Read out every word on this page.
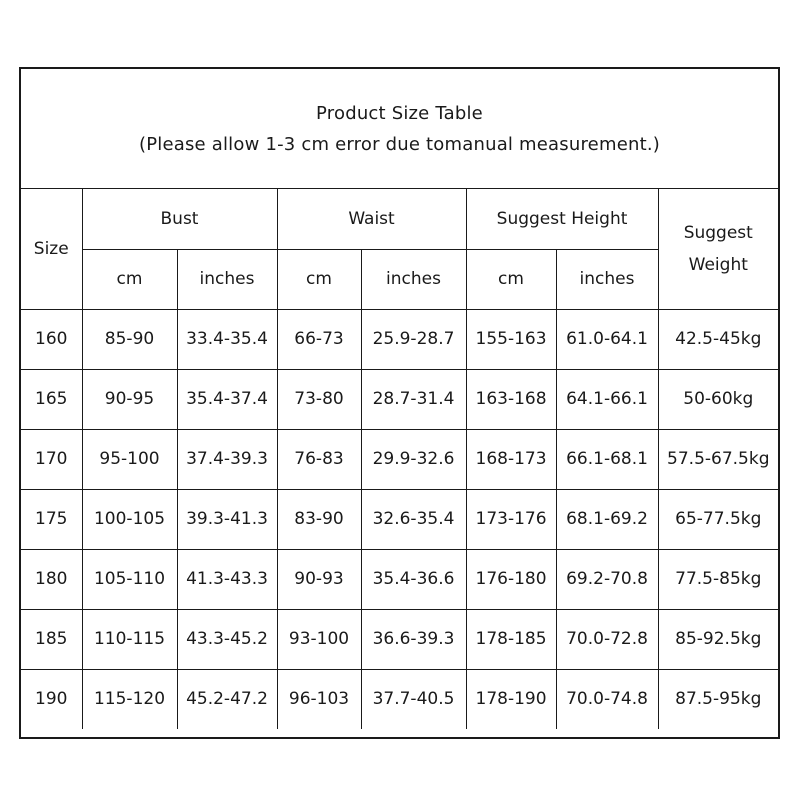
Product Size Table
(Please allow 1-3 cm error due tomanual measurement.)
Size	Bust		Waist		Suggest Height		Suggest Weight
	cm	inches	cm	inches	cm	inches	
160	85-90	33.4-35.4	66-73	25.9-28.7	155-163	61.0-64.1	42.5-45kg
165	90-95	35.4-37.4	73-80	28.7-31.4	163-168	64.1-66.1	50-60kg
170	95-100	37.4-39.3	76-83	29.9-32.6	168-173	66.1-68.1	57.5-67.5kg
175	100-105	39.3-41.3	83-90	32.6-35.4	173-176	68.1-69.2	65-77.5kg
180	105-110	41.3-43.3	90-93	35.4-36.6	176-180	69.2-70.8	77.5-85kg
185	110-115	43.3-45.2	93-100	36.6-39.3	178-185	70.0-72.8	85-92.5kg
190	115-120	45.2-47.2	96-103	37.7-40.5	178-190	70.0-74.8	87.5-95kg
